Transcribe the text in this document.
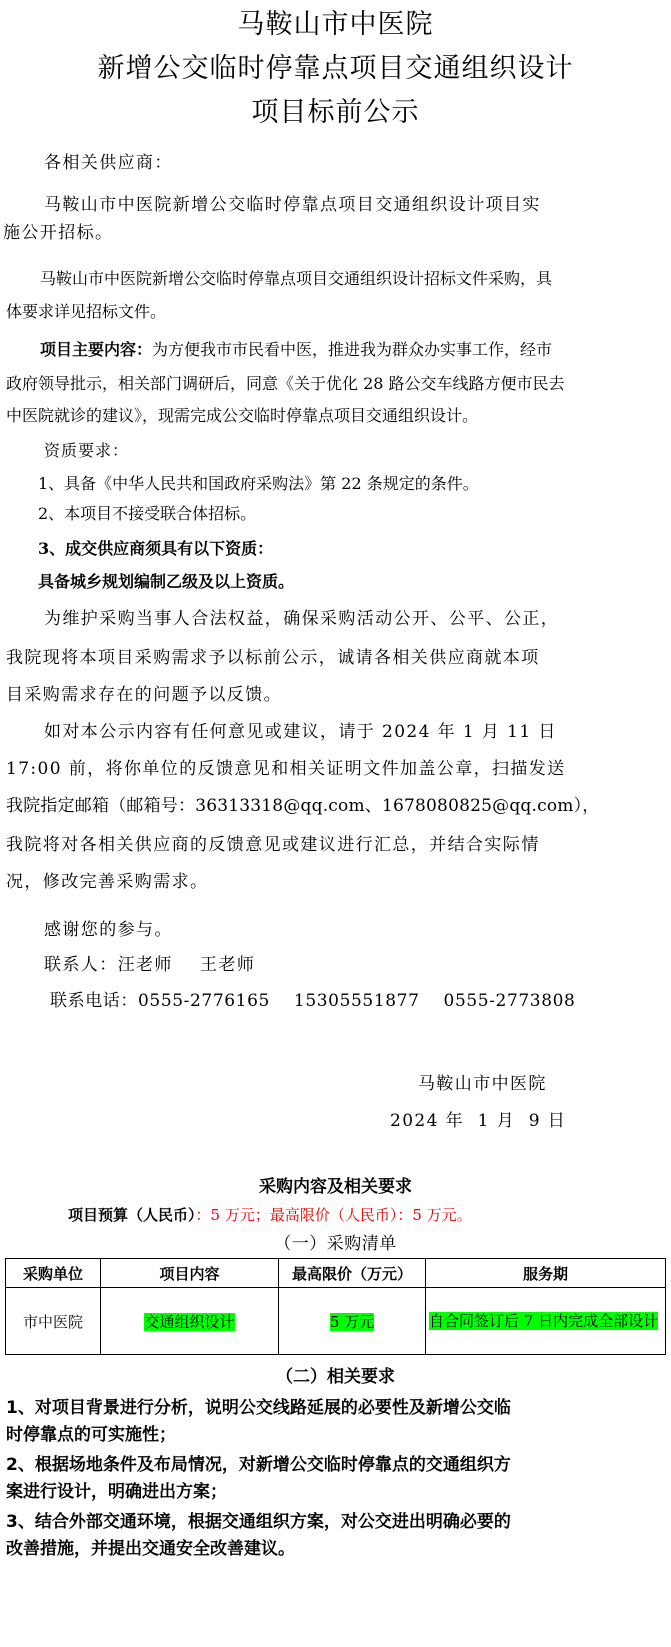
马鞍山市中医院
新增公交临时停靠点项目交通组织设计
项目标前公示
各相关供应商：
马鞍山市中医院新增公交临时停靠点项目交通组织设计项目实
施公开招标。
马鞍山市中医院新增公交临时停靠点项目交通组织设计招标文件采购，具
体要求详见招标文件。
项目主要内容：为方便我市市民看中医，推进我为群众办实事工作，经市
政府领导批示，相关部门调研后，同意《关于优化 28 路公交车线路方便市民去
中医院就诊的建议》，现需完成公交临时停靠点项目交通组织设计。
资质要求：
1、具备《中华人民共和国政府采购法》第 22 条规定的条件。
2、本项目不接受联合体招标。
3、成交供应商须具有以下资质：
具备城乡规划编制乙级及以上资质。
为维护采购当事人合法权益，确保采购活动公开、公平、公正，
我院现将本项目采购需求予以标前公示，诚请各相关供应商就本项
目采购需求存在的问题予以反馈。
如对本公示内容有任何意见或建议，请于 2024 年 1 月 11 日
17:00 前，将你单位的反馈意见和相关证明文件加盖公章，扫描发送
我院指定邮箱（邮箱号：36313318@qq.com、1678080825@qq.com），
我院将对各相关供应商的反馈意见或建议进行汇总，并结合实际情
况，修改完善采购需求。
感谢您的参与。
联系人：汪老师    王老师
联系电话：0555-2776165    15305551877    0555-2773808
马鞍山市中医院
2024 年  1 月  9 日
采购内容及相关要求
项目预算（人民币）：5 万元；最高限价（人民币）：5 万元。
（一）采购清单
采购单位	项目内容	最高限价（万元）	服务期
市中医院	交通组织设计	5 万元	自合同签订后 7 日内完成全部设计
（二）相关要求
1、对项目背景进行分析，说明公交线路延展的必要性及新增公交临
时停靠点的可实施性；
2、根据场地条件及布局情况，对新增公交临时停靠点的交通组织方
案进行设计，明确进出方案；
3、结合外部交通环境，根据交通组织方案，对公交进出明确必要的
改善措施，并提出交通安全改善建议。
